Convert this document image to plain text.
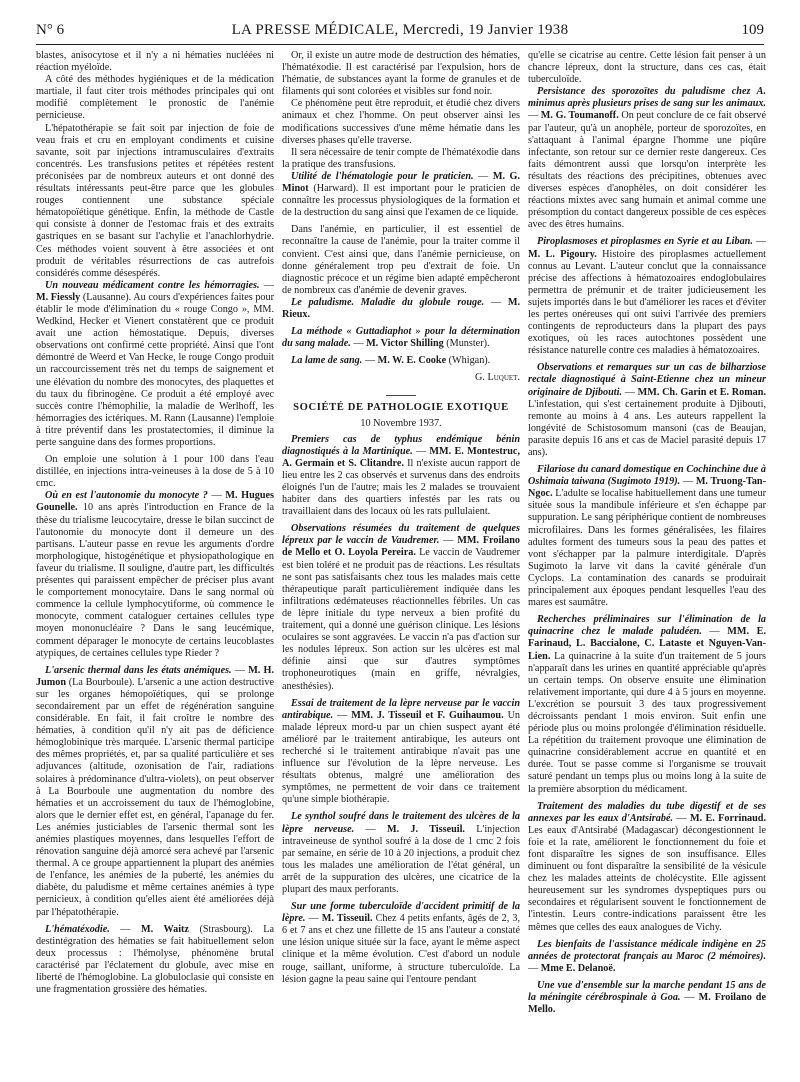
N° 6	LA PRESSE MÉDICALE, Mercredi, 19 Janvier 1938	109

blastes, anisocytose et il n'y a ni hématies nucléées ni réaction myéloïde.

A côté des méthodes hygiéniques et de la médication martiale, il faut citer trois méthodes principales qui ont modifié complètement le pronostic de l'anémie pernicieuse.

L'hépatothérapie se fait soit par injection de foie de veau frais et cru en employant condiments et cuisine savante, soit par injections intramusculaires d'extraits concentrés. Les transfusions petites et répétées restent préconisées par de nombreux auteurs et ont donné des résultats intéressants peut-être parce que les globules rouges contiennent une substance spéciale hématopoïétique génétique. Enfin, la méthode de Castle qui consiste à donner de l'estomac frais et des extraits gastriques en se basant sur l'achylie et l'anachlorhydrie. Ces méthodes voient souvent à être associées et ont produit de véritables résurrections de cas autrefois considérés comme désespérés.

Un nouveau médicament contre les hémorragies. — M. Fiessly (Lausanne). Au cours d'expériences faites pour établir le mode d'élimination du « rouge Congo », MM. Wedkind, Hecker et Vienert constatèrent que ce produit avait une action hémostatique. Depuis, diverses observations ont confirmé cette propriété. Ainsi que l'ont démontré de Weerd et Van Hecke, le rouge Congo produit un raccourcissement très net du temps de saignement et une élévation du nombre des monocytes, des plaquettes et du taux du fibrinogène. Ce produit a été employé avec succès contre l'hémophilie, la maladie de Werlhoff, les hémorragies des ictériques. M. Rann (Lausanne) l'emploie à titre préventif dans les prostatectomies, il diminue la perte sanguine dans des formes proportions.

On emploie une solution à 1 pour 100 dans l'eau distillée, en injections intra-veineuses à la dose de 5 à 10 cmc.

Où en est l'autonomie du monocyte ? — M. Hugues Gounelle. 10 ans après l'introduction en France de la thèse du trialisme leucocytaire, dresse le bilan succinct de l'autonomie du monocyte dont il demeure un des partisans. L'auteur passe en revue les arguments d'ordre morphologique, histogénétique et physiopathologique en faveur du trialisme. Il souligne, d'autre part, les difficultés présentes qui paraissent empêcher de préciser plus avant le comportement monocytaire. Dans le sang normal où commence la cellule lymphocytiforme, où commence le monocyte, comment cataloguer certaines cellules type moyen mononucléaire ? Dans le sang leucémique, comment déparager le monocyte de certains leucoblastes atypiques, de certaines cellules type Rieder ?

L'arsenic thermal dans les états anémiques. — M. H. Jumon (La Bourboule). L'arsenic a une action destructive sur les organes hémopoïétiques, qui se prolonge secondairement par un effet de régénération sanguine considérable. En fait, il fait croître le nombre des hématies, à condition qu'il n'y ait pas de déficience hémoglobinique très marquée. L'arsenic thermal participe des mêmes propriétés, et, par sa qualité particulière et ses adjuvances (altitude, ozonisation de l'air, radiations solaires à prédominance d'ultra-violets), on peut observer à La Bourboule une augmentation du nombre des hématies et un accroissement du taux de l'hémoglobine, alors que le dernier effet est, en général, l'apanage du fer. Les anémies justiciables de l'arsenic thermal sont les anémies plastiques moyennes, dans lesquelles l'effort de rénovation sanguine déjà amorcé sera achevé par l'arsenic thermal. A ce groupe appartiennent la plupart des anémies de l'enfance, les anémies de la puberté, les anémies du diabète, du paludisme et même certaines anémies à type pernicieux, à condition qu'elles aient été améliorées déjà par l'hépatothérapie.

L'hématéxodie. — M. Waitz (Strasbourg). La destintégration des hématies se fait habituellement selon deux processus : l'hémolyse, phénomène brutal caractérisé par l'éclatement du globule, avec mise en liberté de l'hémoglobine. La globuloclasie qui consiste en une fragmentation grossière des hématies.

Or, il existe un autre mode de destruction des hématies, l'hématéxodie. Il est caractérisé par l'expulsion, hors de l'hématie, de substances ayant la forme de granules et de filaments qui sont colorées et visibles sur fond noir.

Ce phénomène peut être reproduit, et étudié chez divers animaux et chez l'homme. On peut observer ainsi les modifications successives d'une même hématie dans les diverses phases qu'elle traverse.

Il sera nécessaire de tenir compte de l'hématéxodie dans la pratique des transfusions.

Utilité de l'hématologie pour le praticien. — M. G. Minot (Harward). Il est important pour le praticien de connaître les processus physiologiques de la formation et de la destruction du sang ainsi que l'examen de ce liquide.

Dans l'anémie, en particulier, il est essentiel de reconnaître la cause de l'anémie, pour la traiter comme il convient. C'est ainsi que, dans l'anémie pernicieuse, on donne généralement trop peu d'extrait de foie. Un diagnostic précoce et un régime bien adapté empêcheront de nombreux cas d'anémie de devenir graves.

Le paludisme. Maladie du globule rouge. — M. Rieux.

La méthode « Guttadiaphot » pour la détermination du sang malade. — M. Victor Shilling (Munster).

La lame de sang. — M. W. E. Cooke (Whigan).

G. Luquet.

SOCIÉTÉ DE PATHOLOGIE EXOTIQUE
10 Novembre 1937.

Premiers cas de typhus endémique bénin diagnostiqués à la Martinique. — MM. E. Montestruc, A. Germain et S. Clitandre. Il n'existe aucun rapport de lieu entre les 2 cas observés et survenus dans des endroits éloignés l'un de l'autre; mais les 2 malades se trouvaient habiter dans des quartiers infestés par les rats ou travaillaient dans des locaux où les rats pullulaient.

Observations résumées du traitement de quelques lépreux par le vaccin de Vaudremer. — MM. Froilano de Mello et O. Loyola Pereira. Le vaccin de Vaudremer est bien toléré et ne produit pas de réactions. Les résultats ne sont pas satisfaisants chez tous les malades mais cette thérapeutique paraît particulièrement indiquée dans les infiltrations œdémateuses réactionnelles fébriles. Un cas de lèpre initiale du type nerveux a bien profité du traitement, qui a donné une guérison clinique. Les lésions oculaires se sont aggravées. Le vaccin n'a pas d'action sur les nodules lépreux. Son action sur les ulcères est mal définie ainsi que sur d'autres symptômes trophoneurotiques (main en griffe, névralgies, anesthésies).

Essai de traitement de la lèpre nerveuse par le vaccin antirabique. — MM. J. Tisseuil et F. Guihaumou. Un malade lépreux mord-u par un chien suspect ayant été amélioré par le traitement antirabique, les auteurs ont recherché si le traitement antirabique n'avait pas une influence sur l'évolution de la lèpre nerveuse. Les résultats obtenus, malgré une amélioration des symptômes, ne permettent de voir dans ce traitement qu'une simple biothérapie.

Le synthol soufré dans le traitement des ulcères de la lèpre nerveuse. — M. J. Tisseuil. L'injection intraveineuse de synthol soufré à la dose de 1 cmc 2 fois par semaine, en série de 10 à 20 injections, a produit chez tous les malades une amélioration de l'état général, un arrêt de la suppuration des ulcères, une cicatrice de la plupart des maux perforants.

Sur une forme tuberculoïde d'accident primitif de la lèpre. — M. Tisseuil. Chez 4 petits enfants, âgés de 2, 3, 6 et 7 ans et chez une fillette de 15 ans l'auteur a constaté une lésion unique située sur la face, ayant le même aspect clinique et la même évolution. C'est d'abord un nodule rouge, saillant, uniforme, à structure tuberculoïde. La lésion gagne la peau saine qui l'entoure pendant

qu'elle se cicatrise au centre. Cette lésion fait penser à un chancre lépreux, dont la structure, dans ces cas, était tuberculoïde.

Persistance des sporozoïtes du paludisme chez A. minimus après plusieurs prises de sang sur les animaux. — M. G. Toumanoff. On peut conclure de ce fait observé par l'auteur, qu'à un anophèle, porteur de sporozoïtes, en s'attaquant à l'animal épargne l'homme une piqûre infectante, son retour sur ce dernier reste dangereux. Ces faits démontrent aussi que lorsqu'on interprète les résultats des réactions des précipitines, obtenues avec diverses espèces d'anophèles, on doit considérer les réactions mixtes avec sang humain et animal comme une présomption du contact dangereux possible de ces espèces avec des êtres humains.

Piroplasmoses et piroplasmes en Syrie et au Liban. — M. L. Pigoury. Histoire des piroplasmes actuellement connus au Levant. L'auteur conclut que la connaissance précise des affections à hématozoaires endoglobulaires permettra de prémunir et de traiter judicieusement les sujets importés dans le but d'améliorer les races et d'éviter les pertes onéreuses qui ont suivi l'arrivée des premiers contingents de reproducteurs dans la plupart des pays exotiques, où les races autochtones possèdent une résistance naturelle contre ces maladies à hématozoaires.

Observations et remarques sur un cas de bilharziose rectale diagnostiqué à Saint-Etienne chez un mineur originaire de Djibouti. — MM. Ch. Garin et E. Roman. L'infestation, qui s'est certainement produite à Djibouti, remonte au moins à 4 ans. Les auteurs rappellent la longévité de Schistosomum mansoni (cas de Beaujan, parasite depuis 16 ans et cas de Maciel parasité depuis 17 ans).

Filariose du canard domestique en Cochinchine due à Oshimaia taiwana (Sugimoto 1919). — M. Truong-Tan-Ngoc. L'adulte se localise habituellement dans une tumeur située sous la mandibule inférieure et s'en échappe par suppuration. Le sang périphérique contient de nombreuses microfilaires. Dans les formes généralisées, les filaires adultes forment des tumeurs sous la peau des pattes et vont s'échapper par la palmure interdigitale. D'après Sugimoto la larve vit dans la cavité générale d'un Cyclops. La contamination des canards se produirait principalement aux époques pendant lesquelles l'eau des mares est saumâtre.

Recherches préliminaires sur l'élimination de la quinacrine chez le malade paludéen. — MM. E. Farinaud, L. Baccialone, C. Lataste et Nguyen-Van-Lien. La quinacrine à la suite d'un traitement de 5 jours n'apparaît dans les urines en quantité appréciable qu'après un certain temps. On observe ensuite une élimination relativement importante, qui dure 4 à 5 jours en moyenne. L'excrétion se poursuit 3 des taux progressivement décroissants pendant 1 mois environ. Suit enfin une période plus ou moins prolongée d'élimination résiduelle. La répétition du traitement provoque une élimination de quinacrine considérablement accrue en quantité et en durée. Tout se passe comme si l'organisme se trouvait saturé pendant un temps plus ou moins long à la suite de la première absorption du médicament.

Traitement des maladies du tube digestif et de ses annexes par les eaux d'Antsirabé. — M. E. Forrinaud. Les eaux d'Antsirabé (Madagascar) décongestionnent le foie et la rate, améliorent le fonctionnement du foie et font disparaître les signes de son insuffisance. Elles diminuent ou font disparaître la sensibilité de la vésicule chez les malades atteints de cholécystite. Elle agissent heureusement sur les syndromes dyspeptiques purs ou secondaires et régularisent souvent le fonctionnement de l'intestin. Leurs contre-indications paraissent être les mêmes que celles des eaux analogues de Vichy.

Les bienfaits de l'assistance médicale indigène en 25 années de protectorat français au Maroc (2 mémoires). — Mme E. Delanoë.

Une vue d'ensemble sur la marche pendant 15 ans de la méningite cérébrospinale à Goa. — M. Froilano de Mello.
